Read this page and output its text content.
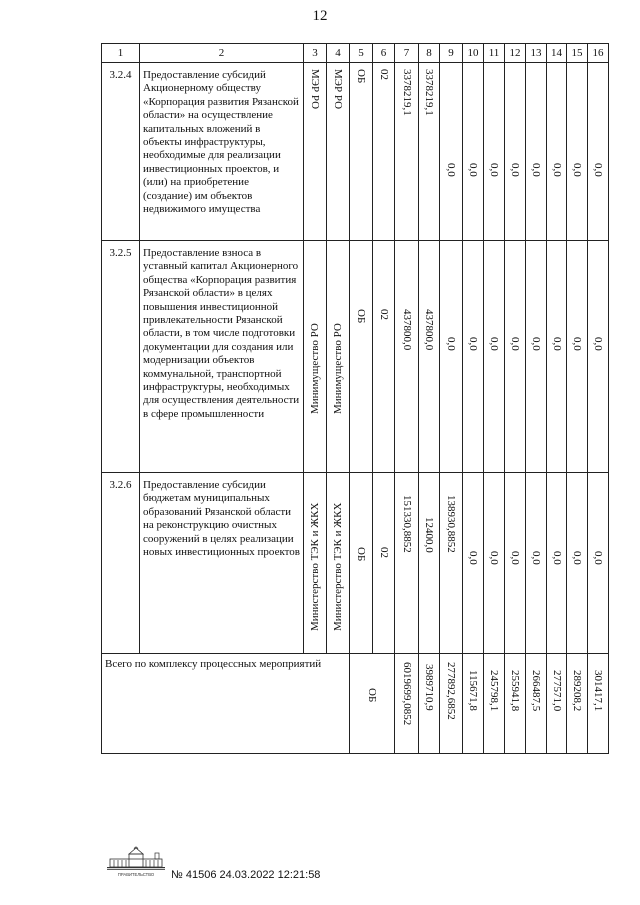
12
1	2	3	4	5	6	7	8	9	10	11	12	13	14	15	16
3.2.4	Предоставление субсидий Акционерному обществу «Корпорация развития Рязанской области» на осуществление капитальных вложений в объекты инфраструктуры, необходимые для реализации инвестиционных проектов, и (или) на приобретение (создание) им объектов недвижимого имущества	МЭР РО	МЭР РО	ОБ	02	3378219,1	3378219,1	0,0	0,0	0,0	0,0	0,0	0,0	0,0	0,0

3.2.5	Предоставление взноса в уставный капитал Акционерного общества «Корпорация развития Рязанской области» в целях повышения инвестиционной привлекательности Рязанской области, в том числе подготовки документации для создания или модернизации объектов коммунальной, транспортной инфраструктуры, необходимых для осуществления деятельности в сфере промышленности	Минимущество РО	Минимущество РО	ОБ	02	437800,0	437800,0	0,0	0,0	0,0	0,0	0,0	0,0	0,0	0,0

3.2.6	Предоставление субсидии бюджетам муниципальных образований Рязанской области на реконструкцию очистных сооружений в целях реализации новых инвестиционных проектов	Министерство ТЭК и ЖКХ	Министерство ТЭК и ЖКХ	ОБ	02	151330,8852	12400,0	138930,8852	0,0	0,0	0,0	0,0	0,0	0,0	0,0

Всего по комплексу процессных мероприятий				ОБ		6019699,0852	3989710,9	277892,6852	115671,8	245798,1	255941,8	266487,5	277571,0	289208,2	301417,1
ПРАВИТЕЛЬСТВО № 41506 24.03.2022 12:21:58
